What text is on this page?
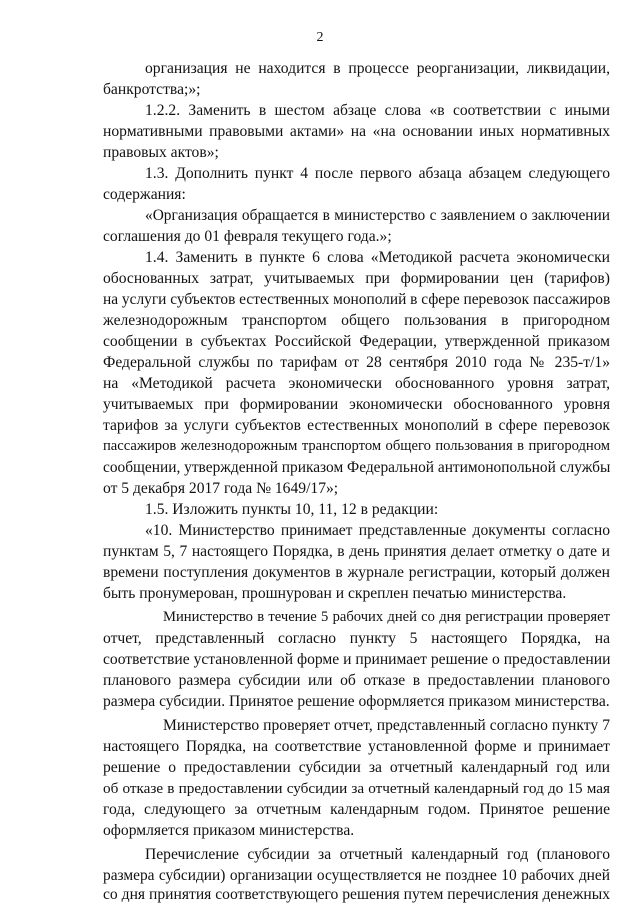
2
организация не находится в процессе реорганизации, ликвидации,
банкротства;»;
1.2.2. Заменить в шестом абзаце слова «в соответствии с иными
нормативными правовыми актами» на «на основании иных нормативных
правовых актов»;
1.3. Дополнить пункт 4 после первого абзаца абзацем следующего
содержания:
«Организация обращается в министерство с заявлением о заключении
соглашения до 01 февраля текущего года.»;
1.4. Заменить в пункте 6 слова «Методикой расчета экономически
обоснованных затрат, учитываемых при формировании цен (тарифов)
на услуги субъектов естественных монополий в сфере перевозок пассажиров
железнодорожным транспортом общего пользования в пригородном
сообщении в субъектах Российской Федерации, утвержденной приказом
Федеральной службы по тарифам от 28 сентября 2010 года № 235-т/1»
на «Методикой расчета экономически обоснованного уровня затрат,
учитываемых при формировании экономически обоснованного уровня
тарифов за услуги субъектов естественных монополий в сфере перевозок
пассажиров железнодорожным транспортом общего пользования в пригородном
сообщении, утвержденной приказом Федеральной антимонопольной службы
от 5 декабря 2017 года № 1649/17»;
1.5. Изложить пункты 10, 11, 12 в редакции:
«10. Министерство принимает представленные документы согласно
пунктам 5, 7 настоящего Порядка, в день принятия делает отметку о дате и
времени поступления документов в журнале регистрации, который должен
быть пронумерован, прошнурован и скреплен печатью министерства.
Министерство в течение 5 рабочих дней со дня регистрации проверяет
отчет, представленный согласно пункту 5 настоящего Порядка, на
соответствие установленной форме и принимает решение о предоставлении
планового размера субсидии или об отказе в предоставлении планового
размера субсидии. Принятое решение оформляется приказом министерства.
Министерство проверяет отчет, представленный согласно пункту 7
настоящего Порядка, на соответствие установленной форме и принимает
решение о предоставлении субсидии за отчетный календарный год или
об отказе в предоставлении субсидии за отчетный календарный год до 15 мая
года, следующего за отчетным календарным годом. Принятое решение
оформляется приказом министерства.
Перечисление субсидии за отчетный календарный год (планового
размера субсидии) организации осуществляется не позднее 10 рабочих дней
со дня принятия соответствующего решения путем перечисления денежных
